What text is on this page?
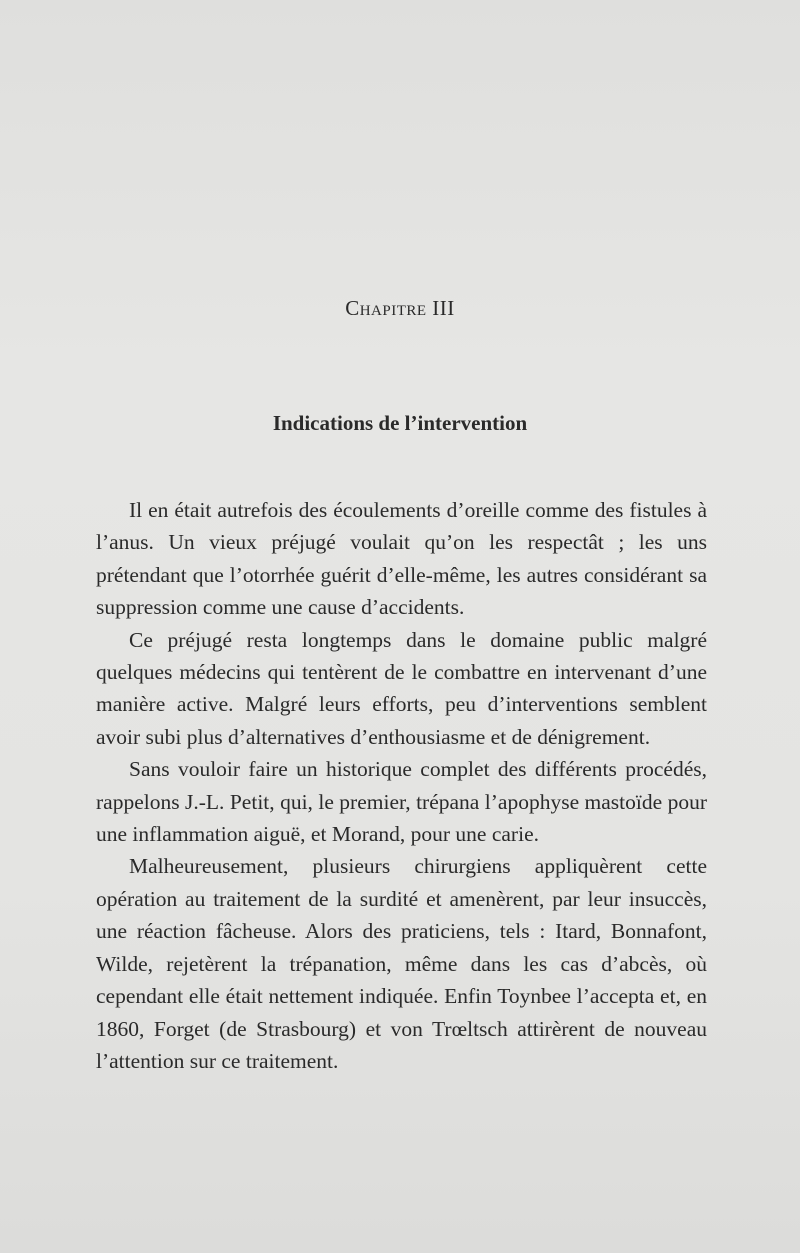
Chapitre III
Indications de l’intervention

Il en était autrefois des écoulements d’oreille comme des fistules à l’anus. Un vieux préjugé voulait qu’on les respectât ; les uns prétendant que l’otorrhée guérit d’elle-même, les autres considérant sa suppression comme une cause d’accidents.

Ce préjugé resta longtemps dans le domaine public malgré quelques médecins qui tentèrent de le combattre en intervenant d’une manière active. Malgré leurs efforts, peu d’interventions semblent avoir subi plus d’alternatives d’enthousiasme et de dénigrement.

Sans vouloir faire un historique complet des différents procédés, rappelons J.-L. Petit, qui, le premier, trépana l’apophyse mastoïde pour une inflammation aiguë, et Morand, pour une carie.

Malheureusement, plusieurs chirurgiens appliquèrent cette opération au traitement de la surdité et amenèrent, par leur insuccès, une réaction fâcheuse. Alors des praticiens, tels : Itard, Bonnafont, Wilde, rejetèrent la trépanation, même dans les cas d’abcès, où cependant elle était nettement indiquée. Enfin Toynbee l’accepta et, en 1860, Forget (de Strasbourg) et von Trœltsch attirèrent de nouveau l’attention sur ce traitement.
